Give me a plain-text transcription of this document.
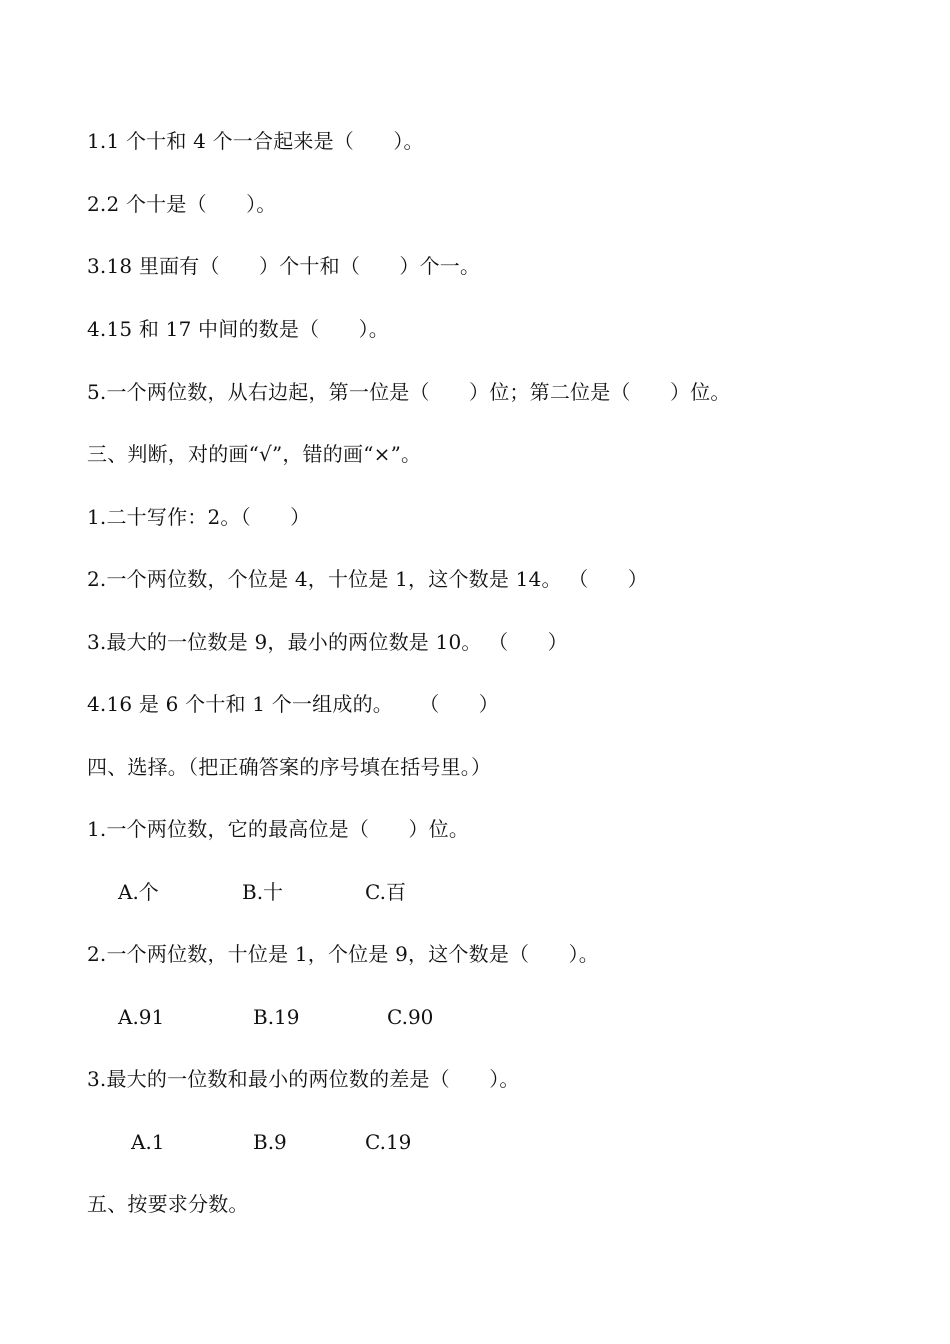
1.1 个十和 4 个一合起来是（      ）。
2.2 个十是（      ）。
3.18 里面有（      ）个十和（      ）个一。
4.15 和 17 中间的数是（      ）。
5.一个两位数，从右边起，第一位是（      ）位；第二位是（      ）位。
三、判断，对的画“√”，错的画“×”。
1.二十写作：2。（      ）
2.一个两位数，个位是 4，十位是 1，这个数是 14。 （      ）
3.最大的一位数是 9，最小的两位数是 10。 （      ）
4.16 是 6 个十和 1 个一组成的。    （      ）
四、选择。（把正确答案的序号填在括号里。）
1.一个两位数，它的最高位是（      ）位。
A.个	B.十	C.百
2.一个两位数，十位是 1，个位是 9，这个数是（      ）。
A.91	B.19	C.90
3.最大的一位数和最小的两位数的差是（      ）。
A.1	B.9	C.19
五、按要求分数。
